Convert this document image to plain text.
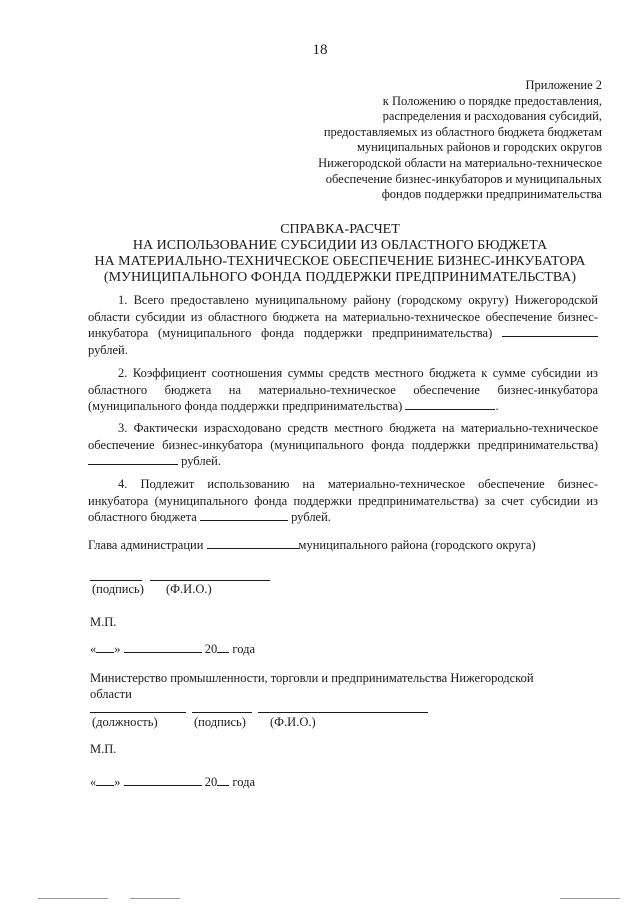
18
Приложение 2
к Положению о порядке предоставления,
распределения и расходования субсидий,
предоставляемых из областного бюджета бюджетам
муниципальных районов и городских округов
Нижегородской области на материально-техническое
обеспечение бизнес-инкубаторов и муниципальных
фондов поддержки предпринимательства
СПРАВКА-РАСЧЕТ
НА ИСПОЛЬЗОВАНИЕ СУБСИДИИ ИЗ ОБЛАСТНОГО БЮДЖЕТА
НА МАТЕРИАЛЬНО-ТЕХНИЧЕСКОЕ ОБЕСПЕЧЕНИЕ БИЗНЕС-ИНКУБАТОРА
(МУНИЦИПАЛЬНОГО ФОНДА ПОДДЕРЖКИ ПРЕДПРИНИМАТЕЛЬСТВА)
1. Всего предоставлено муниципальному району (городскому округу) Нижегородской области субсидии из областного бюджета на материально-техническое обеспечение бизнес-инкубатора (муниципального фонда поддержки предпринимательства)  рублей.
2. Коэффициент соотношения суммы средств местного бюджета к сумме субсидии из областного бюджета на материально-техническое обеспечение бизнес-инкубатора (муниципального фонда поддержки предпринимательства)	.
3. Фактически израсходовано средств местного бюджета на материально-техническое обеспечение бизнес-инкубатора (муниципального фонда поддержки предпринимательства)  рублей.
4. Подлежит использованию на материально-техническое обеспечение бизнес-инкубатора (муниципального фонда поддержки предпринимательства) за счет субсидии из областного бюджета	рублей.
Глава администрации	муниципального района (городского округа)
(подпись) (Ф.И.О.)
М.П.
« »	20 года
Министерство промышленности, торговли и предпринимательства Нижегородской
области
(должность)	(подпись) (Ф.И.О.)
М.П.
« »	20 года
